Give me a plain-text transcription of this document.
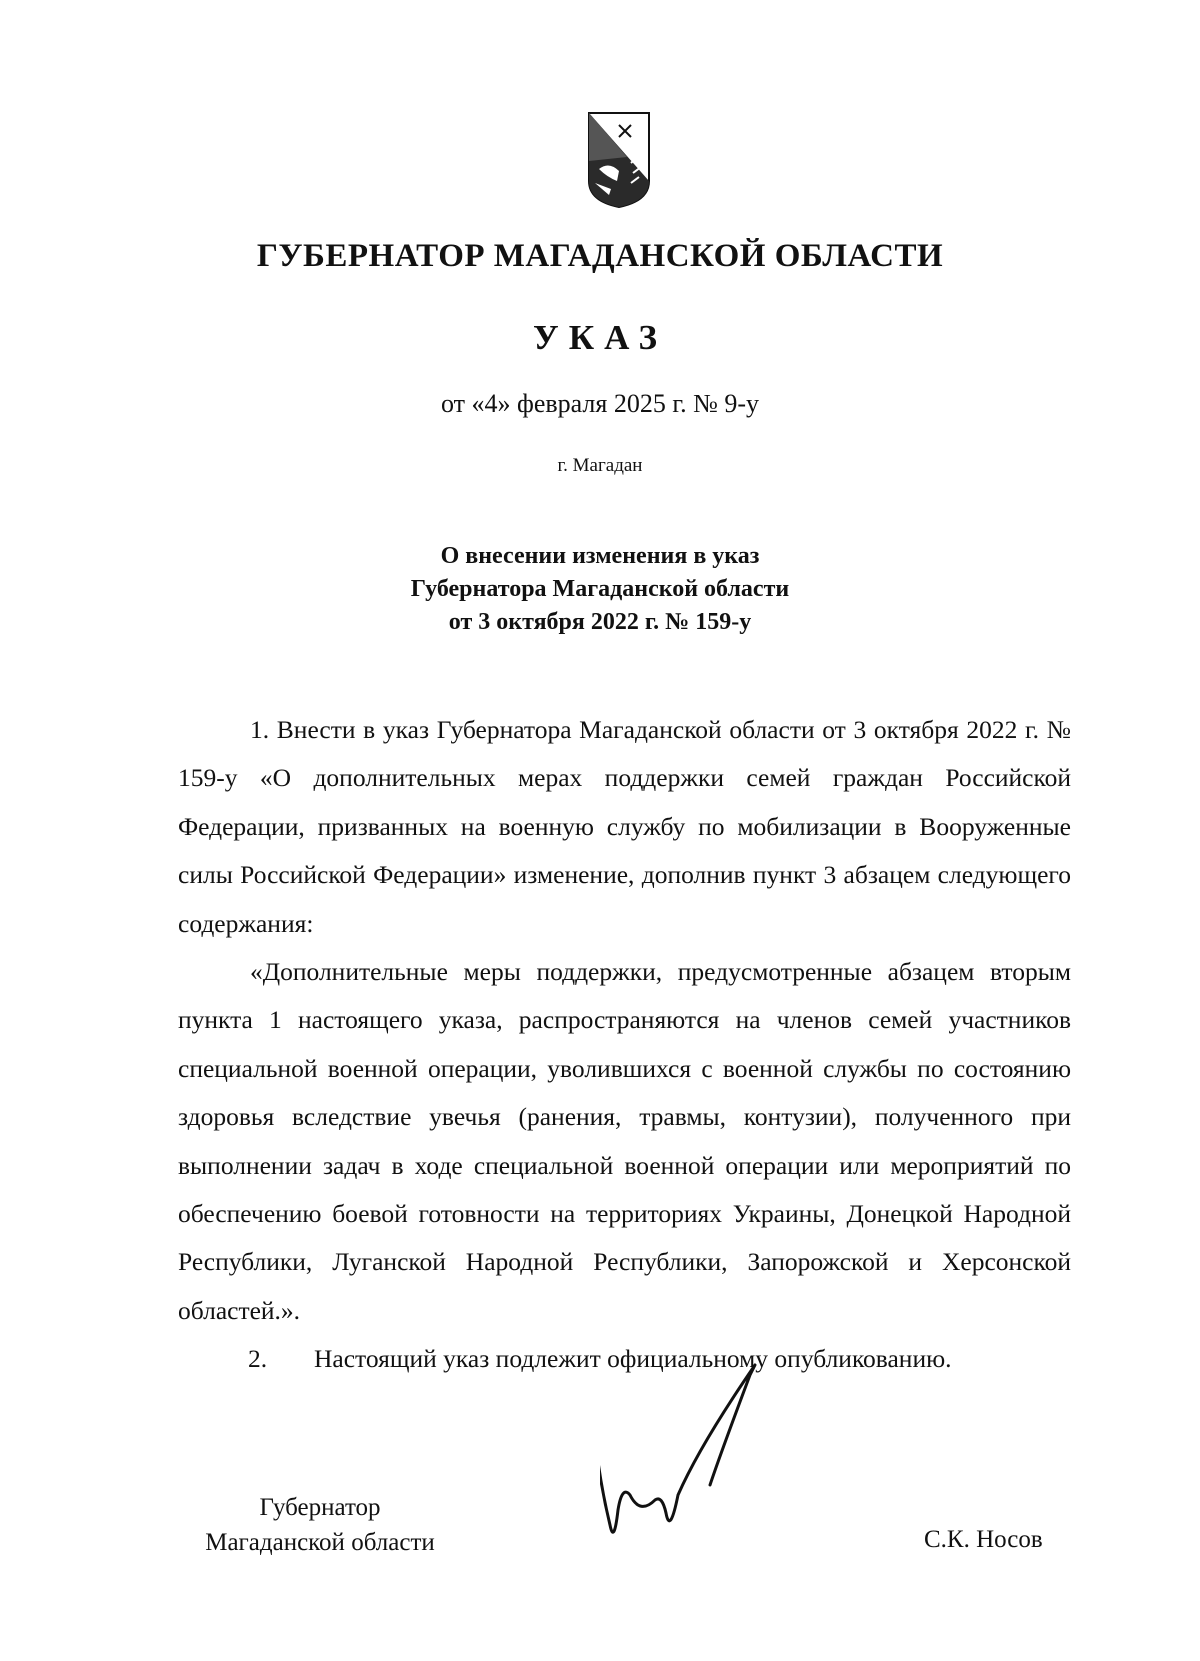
ГУБЕРНАТОР МАГАДАНСКОЙ ОБЛАСТИ
УКАЗ
от «4» февраля 2025 г. № 9-у
г. Магадан
О внесении изменения в указ
Губернатора Магаданской области
от 3 октября 2022 г. № 159-у

1. Внести в указ Губернатора Магаданской области от 3 октября 2022 г. № 159-у «О дополнительных мерах поддержки семей граждан Российской Федерации, призванных на военную службу по мобилизации в Вооруженные силы Российской Федерации» изменение, дополнив пункт 3 абзацем следующего содержания:

«Дополнительные меры поддержки, предусмотренные абзацем вторым пункта 1 настоящего указа, распространяются на членов семей участников специальной военной операции, уволившихся с военной службы по состоянию здоровья вследствие увечья (ранения, травмы, контузии), полученного при выполнении задач в ходе специальной военной операции или мероприятий по обеспечению боевой готовности на территориях Украины, Донецкой Народной Республики, Луганской Народной Республики, Запорожской и Херсонской областей.».

2. Настоящий указ подлежит официальному опубликованию.

Губернатор
Магаданской области	С.К. Носов
